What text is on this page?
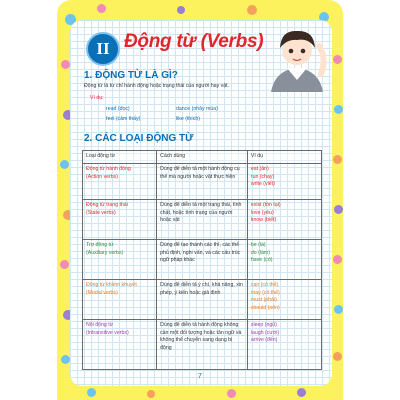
II Động từ (Verbs)
1. ĐỘNG TỪ LÀ GÌ?
Động từ là từ chỉ hành động hoặc trạng thái của người hay vật.
Ví dụ:
read (đọc)	dance (nhảy múa)
feel (cảm thấy)	like (thích)
2. CÁC LOẠI ĐỘNG TỪ
Loại động từ	Cách dùng	Ví dụ

Động từ hành động
(Action verbs)	Dùng để diễn tả một hành động cụ thể mà người hoặc vật thực hiện	eat (ăn)
run (chạy)
write (viết)

Động từ trạng thái
(State verbs)	Dùng để diễn tả một trạng thái, tình chất, hoặc tình trạng của người hoặc vật	exist (tồn tại)
love (yêu)
know (biết)

Trợ động từ
(Auxiliary verbs)	Dùng để tạo thành các thì, các thể phủ định, nghi vấn, và các cấu trúc ngữ pháp khác	be (là)
do (làm)
have (có)

Động từ khiếm khuyết
(Modal verbs)	Dùng để diễn tả ý chí, khả năng, xin phép, ý kiến hoặc giả định	can (có thể)
may (có thể)
must (phải)
should (nên)

Nội động từ
(Intransitive verbs)	Dùng để diễn tả hành động không cần một đối tượng hoặc tân ngữ và không thể chuyển sang dạng bị động	sleep (ngủ)
laugh (cười)
arrive (đến)
7
